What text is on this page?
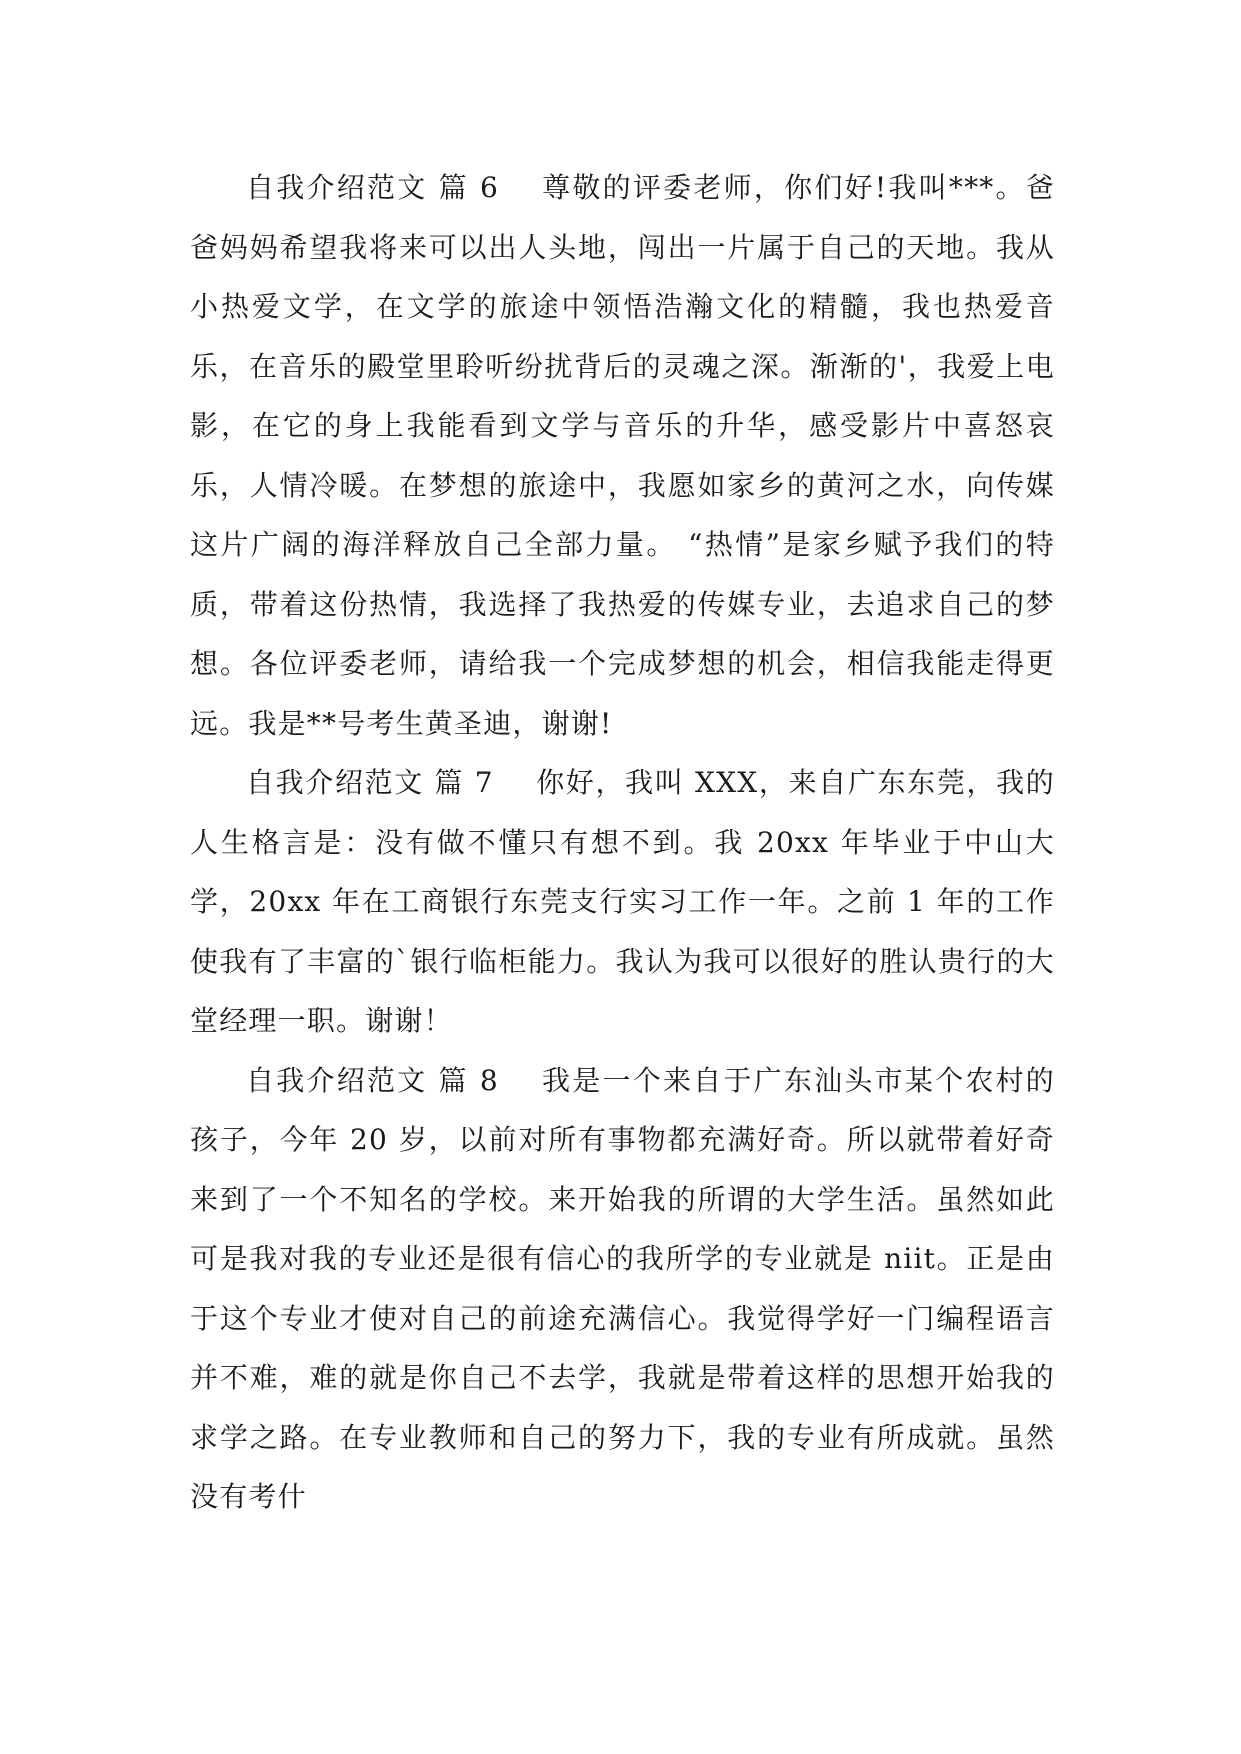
自我介绍范文 篇 6 尊敬的评委老师，你们好!我叫***。爸爸妈妈希望我将来可以出人头地，闯出一片属于自己的天地。我从小热爱文学，在文学的旅途中领悟浩瀚文化的精髓，我也热爱音乐，在音乐的殿堂里聆听纷扰背后的灵魂之深。渐渐的'，我爱上电影，在它的身上我能看到文学与音乐的升华，感受影片中喜怒哀乐，人情冷暖。在梦想的旅途中，我愿如家乡的黄河之水，向传媒这片广阔的海洋释放自己全部力量。 “热情”是家乡赋予我们的特质，带着这份热情，我选择了我热爱的传媒专业，去追求自己的梦想。各位评委老师，请给我一个完成梦想的机会，相信我能走得更远。我是**号考生黄圣迪，谢谢!

自我介绍范文 篇 7 你好，我叫 XXX，来自广东东莞，我的人生格言是：没有做不懂只有想不到。我 20xx 年毕业于中山大学，20xx 年在工商银行东莞支行实习工作一年。之前 1 年的工作使我有了丰富的`银行临柜能力。我认为我可以很好的胜认贵行的大堂经理一职。谢谢！

自我介绍范文 篇 8 我是一个来自于广东汕头市某个农村的孩子，今年 20 岁，以前对所有事物都充满好奇。所以就带着好奇来到了一个不知名的学校。来开始我的所谓的大学生活。虽然如此可是我对我的专业还是很有信心的我所学的专业就是 niit。正是由于这个专业才使对自己的前途充满信心。我觉得学好一门编程语言并不难，难的就是你自己不去学，我就是带着这样的思想开始我的求学之路。在专业教师和自己的努力下，我的专业有所成就。虽然没有考什
